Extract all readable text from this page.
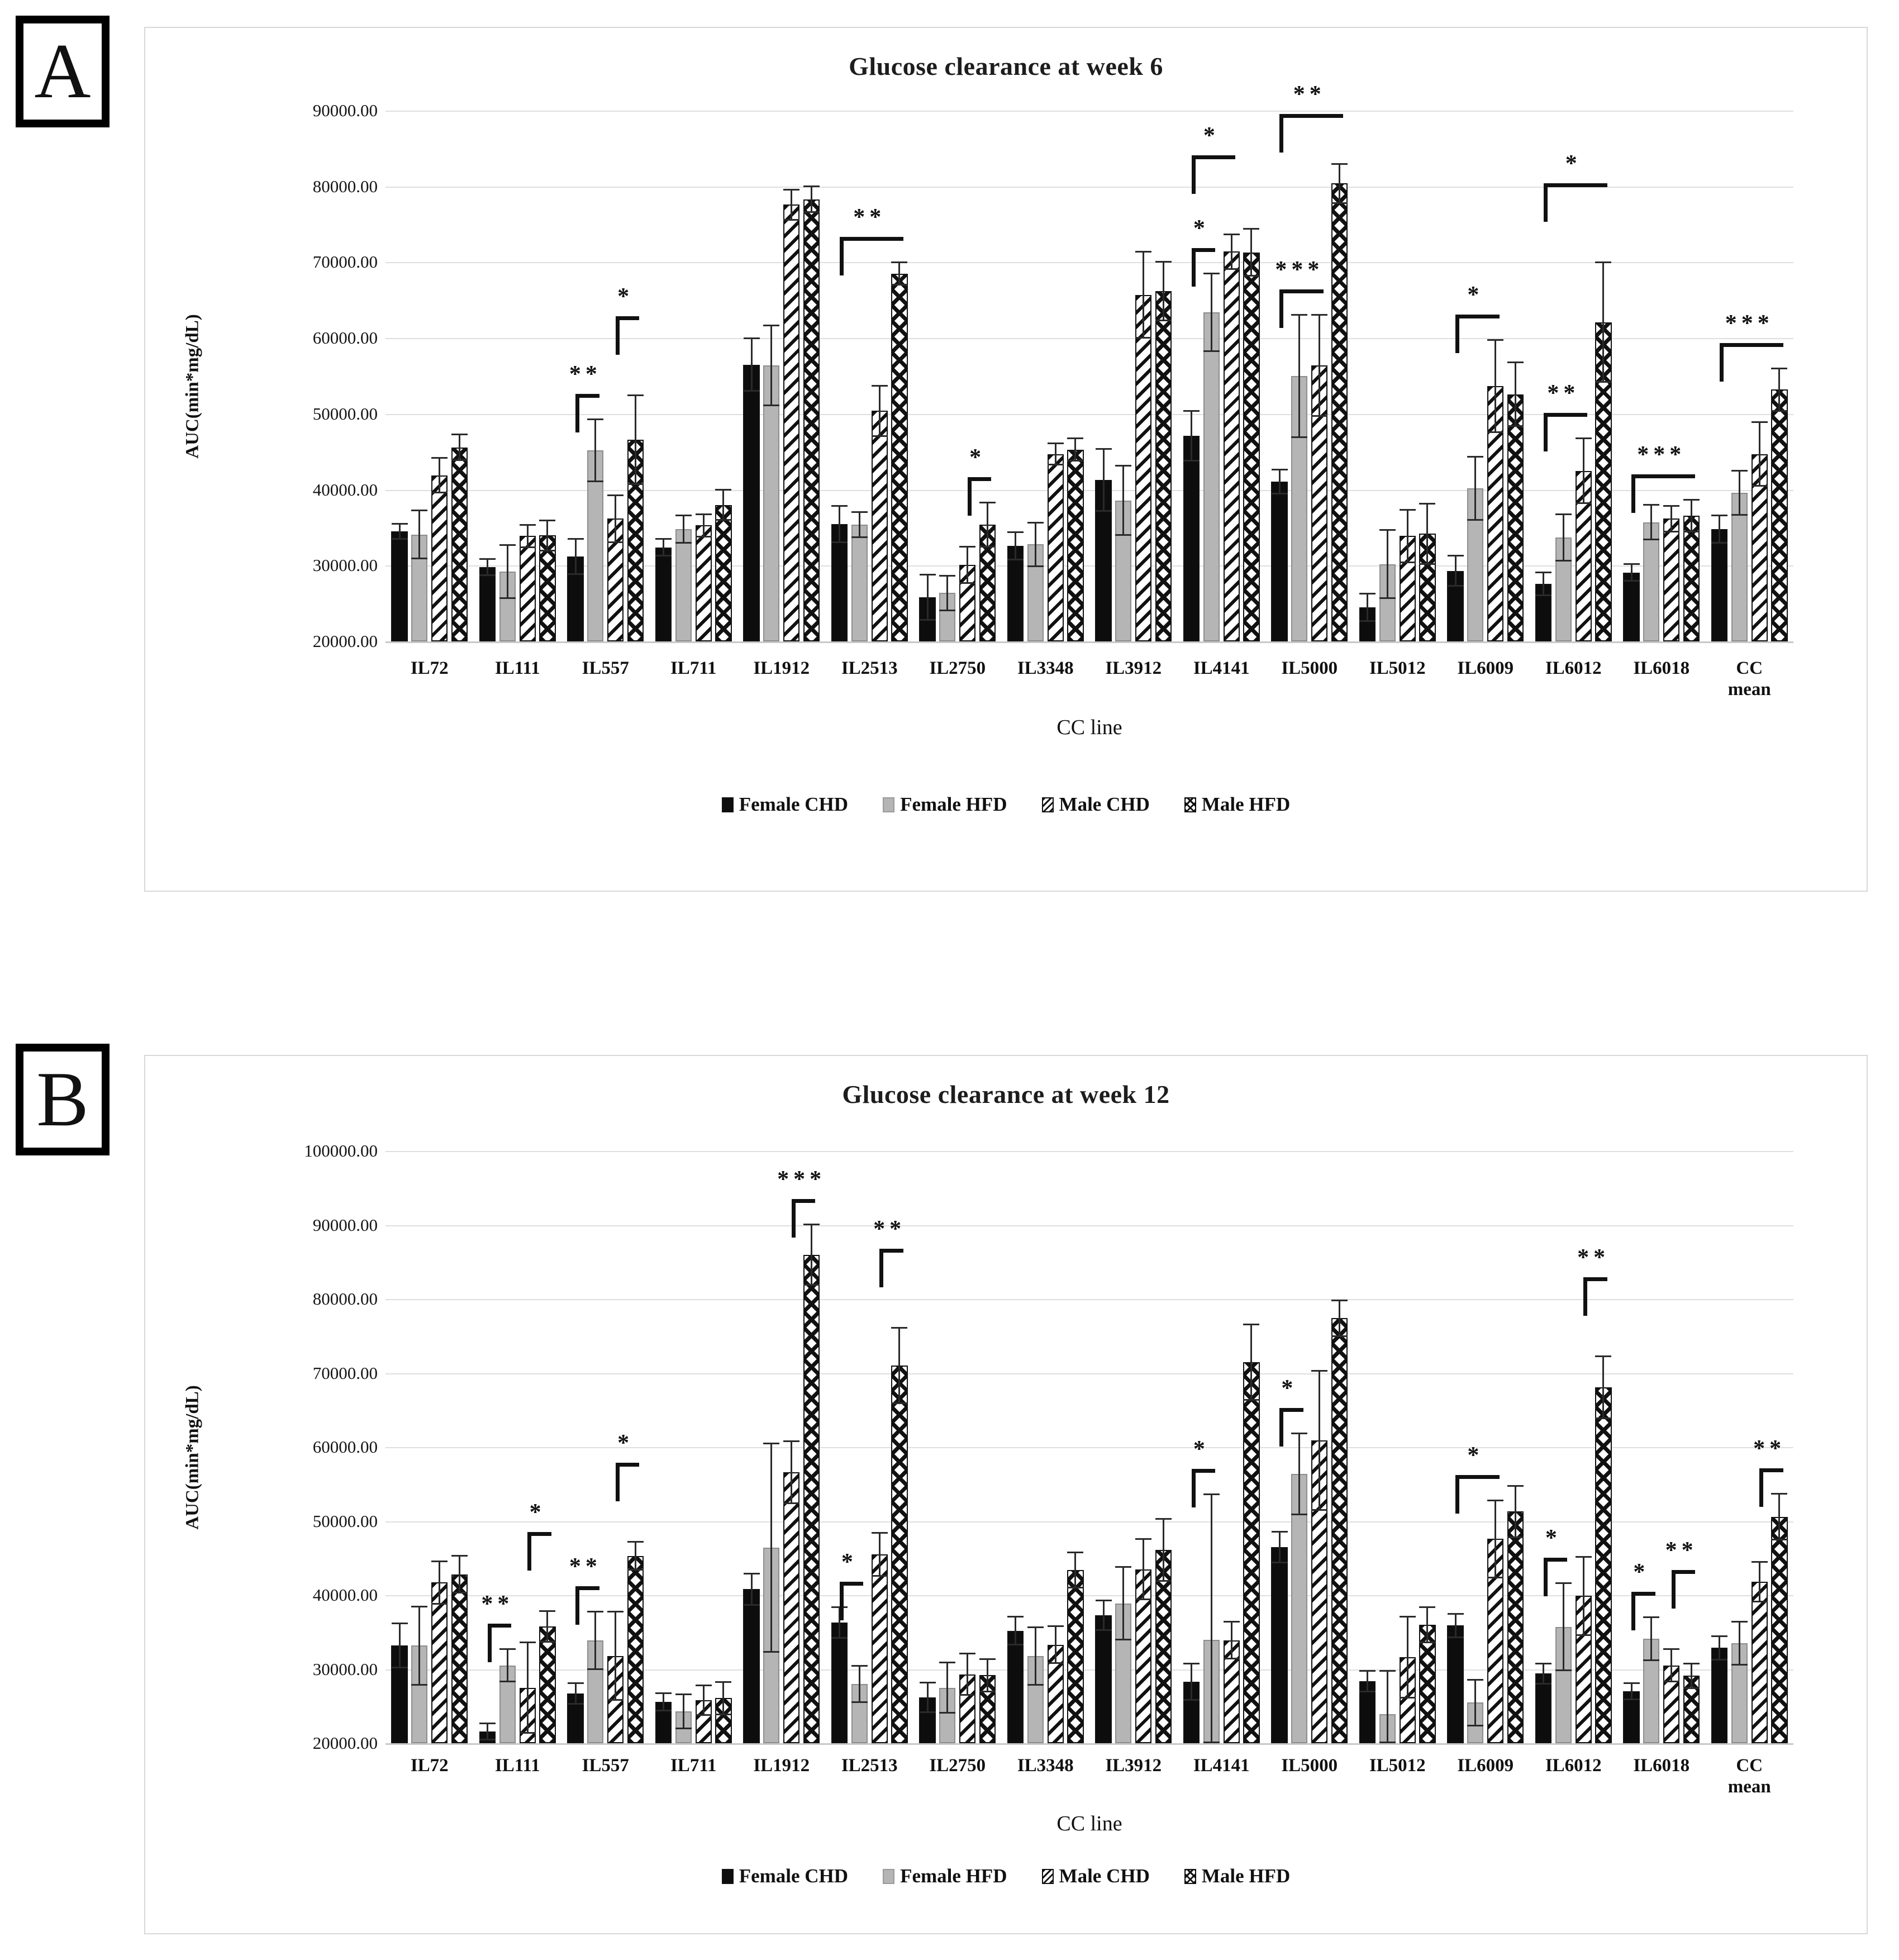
A
B
Glucose clearance at week 6
AUC(min*mg/dL)
90000.00
80000.00
70000.00
60000.00
50000.00
40000.00
30000.00
20000.00
**
*
**
*
*
*
***
**
*
**
*
***
***
CC line
Female CHD	Female HFD	Male CHD	Male HFD
IL72	IL111	IL557	IL711	IL1912	IL2513	IL2750	IL3348	IL3912	IL4141	IL5000	IL5012	IL6009	IL6012	IL6018	CC
mean
Glucose clearance at week 12
AUC(min*mg/dL)
100000.00
90000.00
80000.00
70000.00
60000.00
50000.00
40000.00
30000.00
20000.00
**
*
**
*
***
*
**
*
*
*
*
**
*
**
**
CC line
Female CHD	Female HFD	Male CHD	Male HFD
IL72	IL111	IL557	IL711	IL1912	IL2513	IL2750	IL3348	IL3912	IL4141	IL5000	IL5012	IL6009	IL6012	IL6018	CC
mean
